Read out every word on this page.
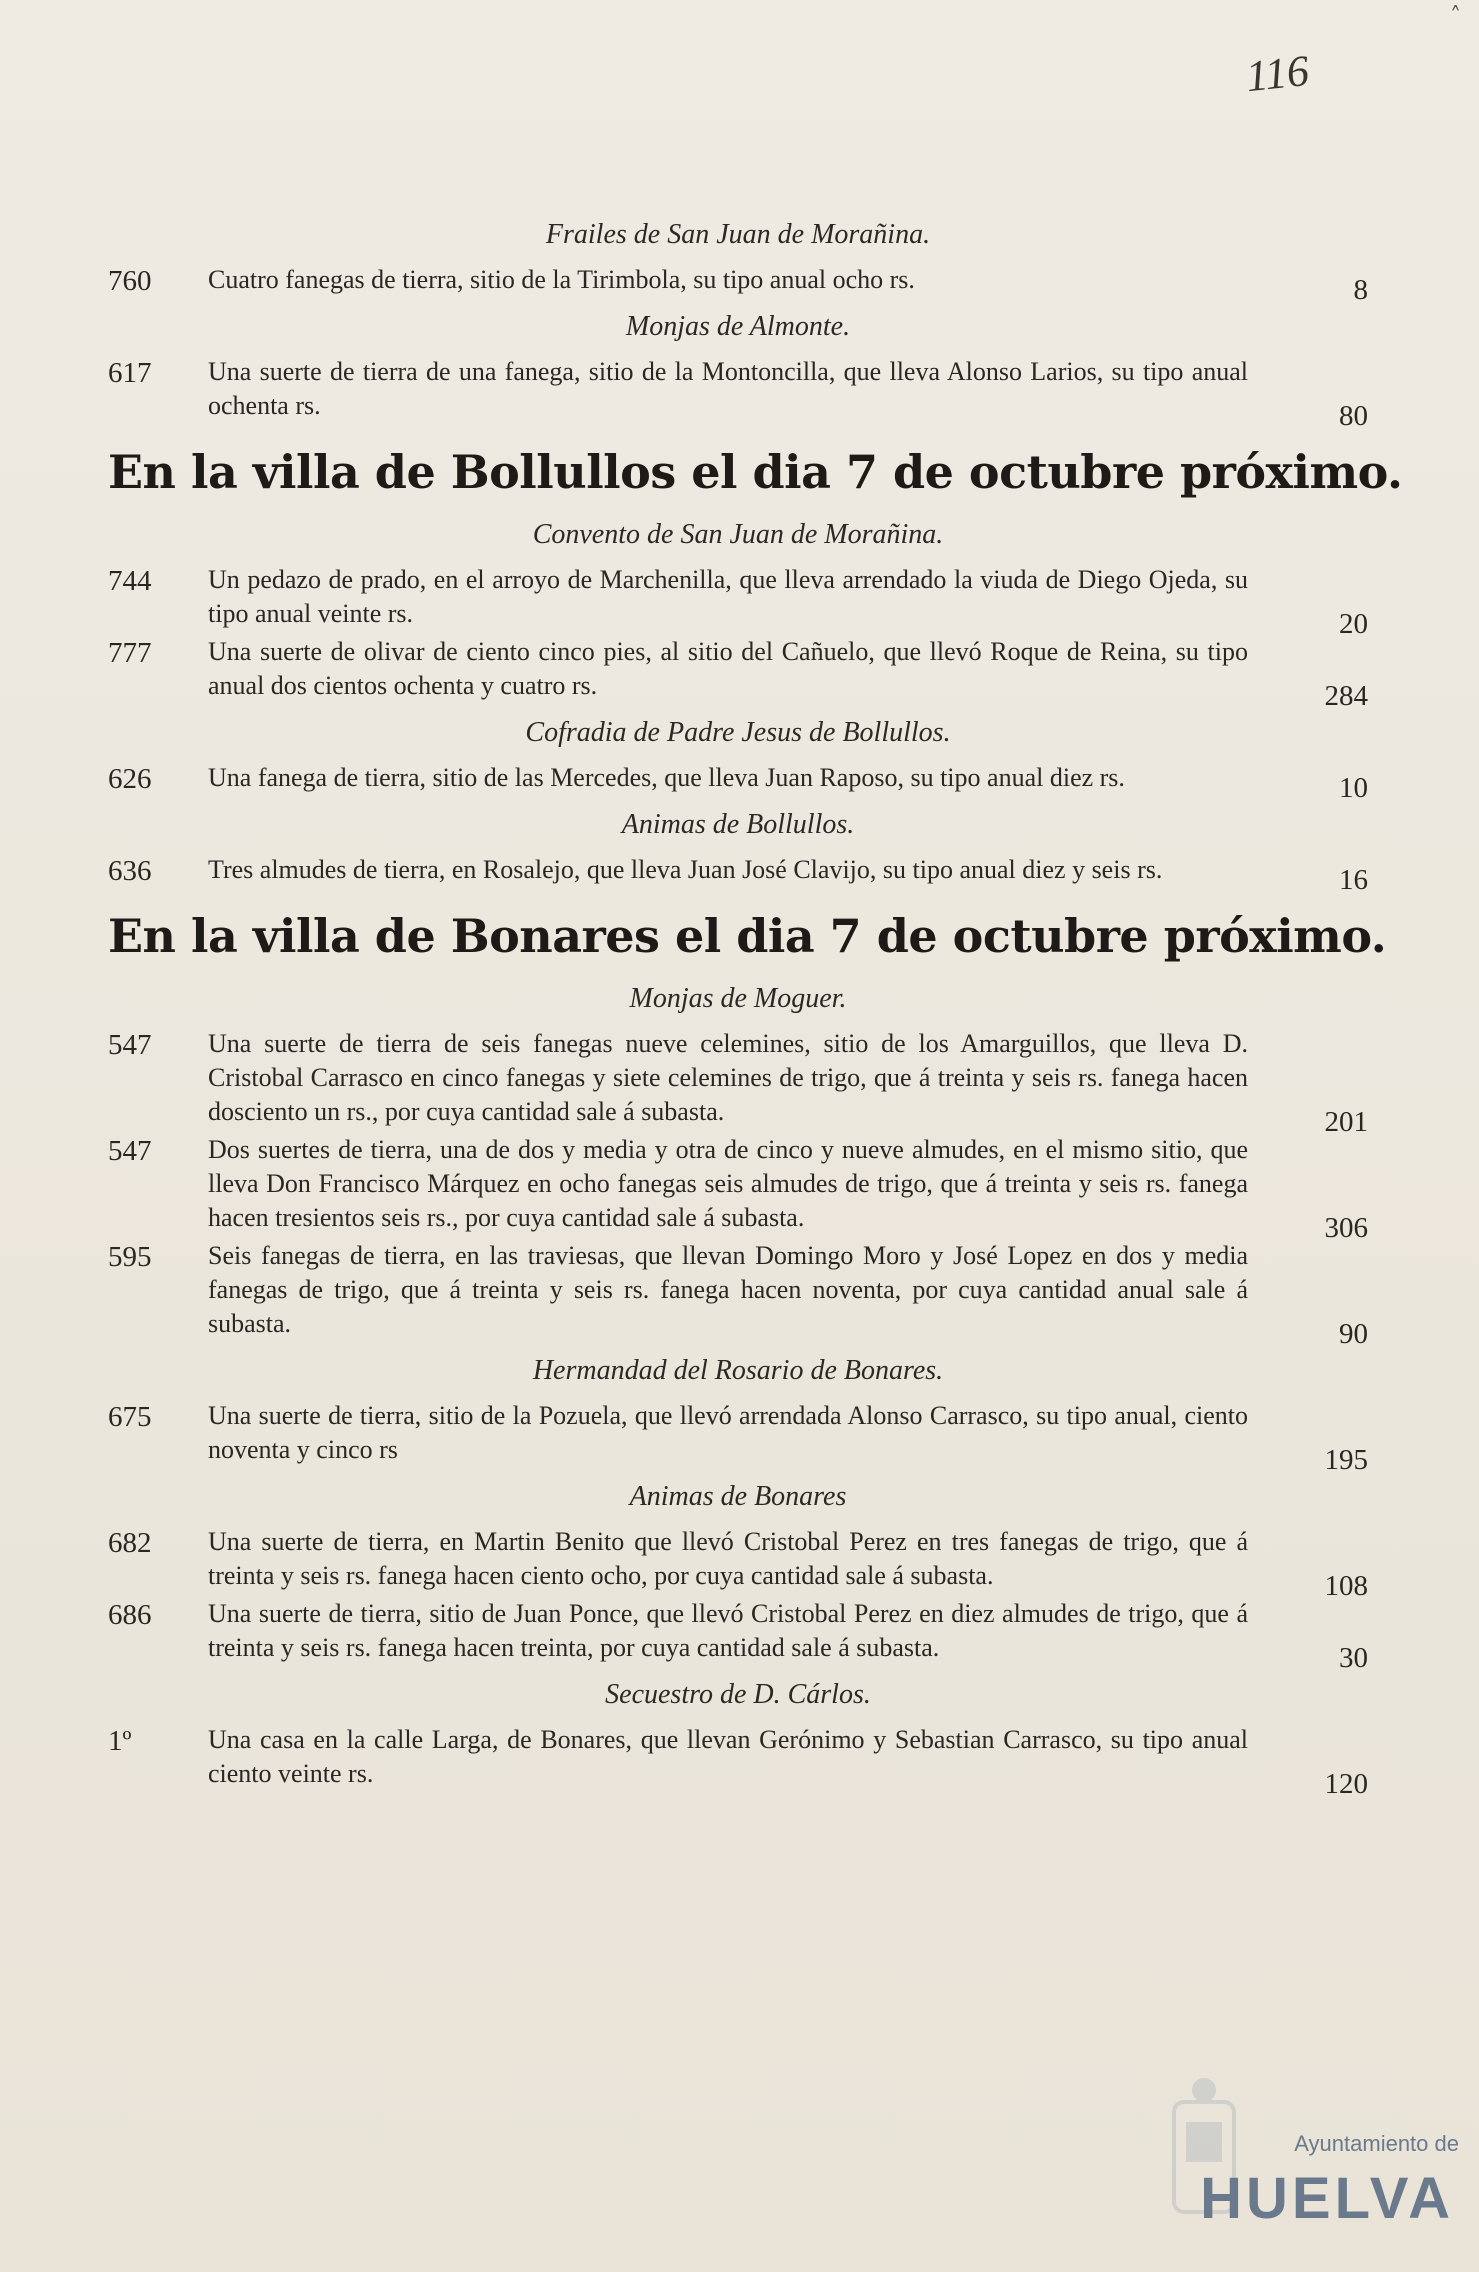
˄
116
Frailes de San Juan de Morañina.
760	Cuatro fanegas de tierra, sitio de la Tirimbola, su tipo anual ocho rs.	8
Monjas de Almonte.
617	Una suerte de tierra de una fanega, sitio de la Montoncilla, que lleva Alonso Larios, su tipo anual ochenta rs.	80
En la villa de Bollullos el dia 7 de octubre próximo.
Convento de San Juan de Morañina.
744	Un pedazo de prado, en el arroyo de Marchenilla, que lleva arrendado la viuda de Diego Ojeda, su tipo anual veinte rs.	20
777	Una suerte de olivar de ciento cinco pies, al sitio del Cañuelo, que llevó Roque de Reina, su tipo anual dos cientos ochenta y cuatro rs.	284
Cofradia de Padre Jesus de Bollullos.
626	Una fanega de tierra, sitio de las Mercedes, que lleva Juan Raposo, su tipo anual diez rs.	10
Animas de Bollullos.
636	Tres almudes de tierra, en Rosalejo, que lleva Juan José Clavijo, su tipo anual diez y seis rs.	16
En la villa de Bonares el dia 7 de octubre próximo.
Monjas de Moguer.
547	Una suerte de tierra de seis fanegas nueve celemines, sitio de los Amarguillos, que lleva D. Cristobal Carrasco en cinco fanegas y siete celemines de trigo, que á treinta y seis rs. fanega hacen dosciento un rs., por cuya cantidad sale á subasta.	201
547	Dos suertes de tierra, una de dos y media y otra de cinco y nueve almudes, en el mismo sitio, que lleva Don Francisco Márquez en ocho fanegas seis almudes de trigo, que á treinta y seis rs. fanega hacen tresientos seis rs., por cuya cantidad sale á subasta.	306
595	Seis fanegas de tierra, en las traviesas, que llevan Domingo Moro y José Lopez en dos y media fanegas de trigo, que á treinta y seis rs. fanega hacen noventa, por cuya cantidad anual sale á subasta.	90
Hermandad del Rosario de Bonares.
675	Una suerte de tierra, sitio de la Pozuela, que llevó arrendada Alonso Carrasco, su tipo anual, ciento noventa y cinco rs	195
Animas de Bonares
682	Una suerte de tierra, en Martin Benito que llevó Cristobal Perez en tres fanegas de trigo, que á treinta y seis rs. fanega hacen ciento ocho, por cuya cantidad sale á subasta.	108
686	Una suerte de tierra, sitio de Juan Ponce, que llevó Cristobal Perez en diez almudes de trigo, que á treinta y seis rs. fanega hacen treinta, por cuya cantidad sale á subasta.	30
Secuestro de D. Cárlos.
1º	Una casa en la calle Larga, de Bonares, que llevan Gerónimo y Sebastian Carrasco, su tipo anual ciento veinte rs.	120
Ayuntamiento de
HUELVA
